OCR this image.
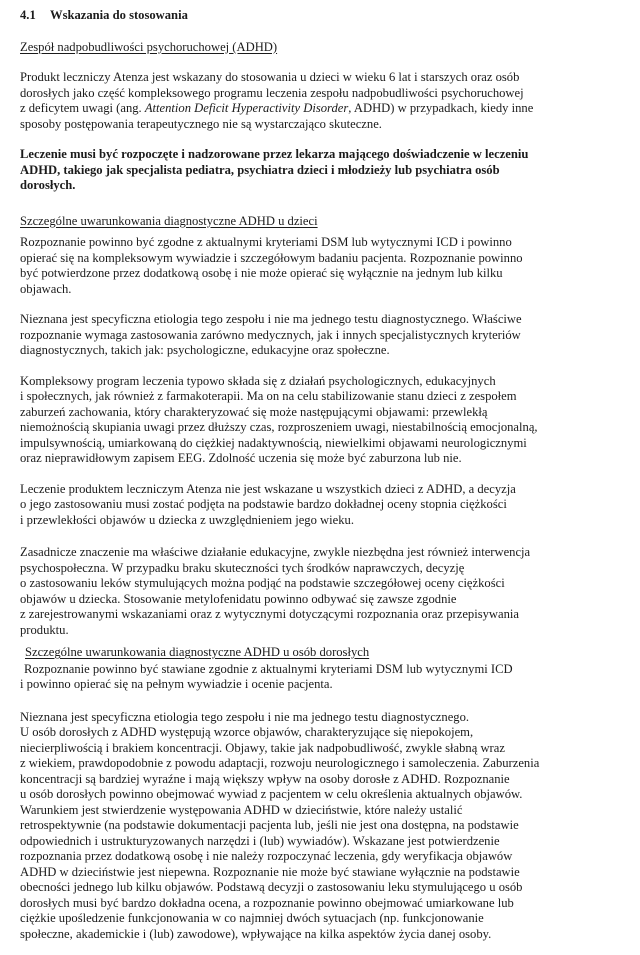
4.1 Wskazania do stosowania
Zespół nadpobudliwości psychoruchowej (ADHD)
Produkt leczniczy Atenza jest wskazany do stosowania u dzieci w wieku 6 lat i starszych oraz osób
dorosłych jako część kompleksowego programu leczenia zespołu nadpobudliwości psychoruchowej
z deficytem uwagi (ang. Attention Deficit Hyperactivity Disorder, ADHD) w przypadkach, kiedy inne
sposoby postępowania terapeutycznego nie są wystarczająco skuteczne.
Leczenie musi być rozpoczęte i nadzorowane przez lekarza mającego doświadczenie w leczeniu
ADHD, takiego jak specjalista pediatra, psychiatra dzieci i młodzieży lub psychiatra osób
dorosłych.
Szczególne uwarunkowania diagnostyczne ADHD u dzieci
Rozpoznanie powinno być zgodne z aktualnymi kryteriami DSM lub wytycznymi ICD i powinno
opierać się na kompleksowym wywiadzie i szczegółowym badaniu pacjenta. Rozpoznanie powinno
być potwierdzone przez dodatkową osobę i nie może opierać się wyłącznie na jednym lub kilku
objawach.
Nieznana jest specyficzna etiologia tego zespołu i nie ma jednego testu diagnostycznego. Właściwe
rozpoznanie wymaga zastosowania zarówno medycznych, jak i innych specjalistycznych kryteriów
diagnostycznych, takich jak: psychologiczne, edukacyjne oraz społeczne.
Kompleksowy program leczenia typowo składa się z działań psychologicznych, edukacyjnych
i społecznych, jak również z farmakoterapii. Ma on na celu stabilizowanie stanu dzieci z zespołem
zaburzeń zachowania, który charakteryzować się może następującymi objawami: przewlekłą
niemożnością skupiania uwagi przez dłuższy czas, rozproszeniem uwagi, niestabilnością emocjonalną,
impulsywnością, umiarkowaną do ciężkiej nadaktywnością, niewielkimi objawami neurologicznymi
oraz nieprawidłowym zapisem EEG. Zdolność uczenia się może być zaburzona lub nie.
Leczenie produktem leczniczym Atenza nie jest wskazane u wszystkich dzieci z ADHD, a decyzja
o jego zastosowaniu musi zostać podjęta na podstawie bardzo dokładnej oceny stopnia ciężkości
i przewlekłości objawów u dziecka z uwzględnieniem jego wieku.
Zasadnicze znaczenie ma właściwe działanie edukacyjne, zwykle niezbędna jest również interwencja
psychospołeczna. W przypadku braku skuteczności tych środków naprawczych, decyzję
o zastosowaniu leków stymulujących można podjąć na podstawie szczegółowej oceny ciężkości
objawów u dziecka. Stosowanie metylofenidatu powinno odbywać się zawsze zgodnie
z zarejestrowanymi wskazaniami oraz z wytycznymi dotyczącymi rozpoznania oraz przepisywania
produktu.
Szczególne uwarunkowania diagnostyczne ADHD u osób dorosłych
Rozpoznanie powinno być stawiane zgodnie z aktualnymi kryteriami DSM lub wytycznymi ICD
i powinno opierać się na pełnym wywiadzie i ocenie pacjenta.
Nieznana jest specyficzna etiologia tego zespołu i nie ma jednego testu diagnostycznego.
U osób dorosłych z ADHD występują wzorce objawów, charakteryzujące się niepokojem,
niecierpliwością i brakiem koncentracji. Objawy, takie jak nadpobudliwość, zwykle słabną wraz
z wiekiem, prawdopodobnie z powodu adaptacji, rozwoju neurologicznego i samoleczenia. Zaburzenia
koncentracji są bardziej wyraźne i mają większy wpływ na osoby dorosłe z ADHD. Rozpoznanie
u osób dorosłych powinno obejmować wywiad z pacjentem w celu określenia aktualnych objawów.
Warunkiem jest stwierdzenie występowania ADHD w dzieciństwie, które należy ustalić
retrospektywnie (na podstawie dokumentacji pacjenta lub, jeśli nie jest ona dostępna, na podstawie
odpowiednich i ustrukturyzowanych narzędzi i (lub) wywiadów). Wskazane jest potwierdzenie
rozpoznania przez dodatkową osobę i nie należy rozpoczynać leczenia, gdy weryfikacja objawów
ADHD w dzieciństwie jest niepewna. Rozpoznanie nie może być stawiane wyłącznie na podstawie
obecności jednego lub kilku objawów. Podstawą decyzji o zastosowaniu leku stymulującego u osób
dorosłych musi być bardzo dokładna ocena, a rozpoznanie powinno obejmować umiarkowane lub
ciężkie upośledzenie funkcjonowania w co najmniej dwóch sytuacjach (np. funkcjonowanie
społeczne, akademickie i (lub) zawodowe), wpływające na kilka aspektów życia danej osoby.
